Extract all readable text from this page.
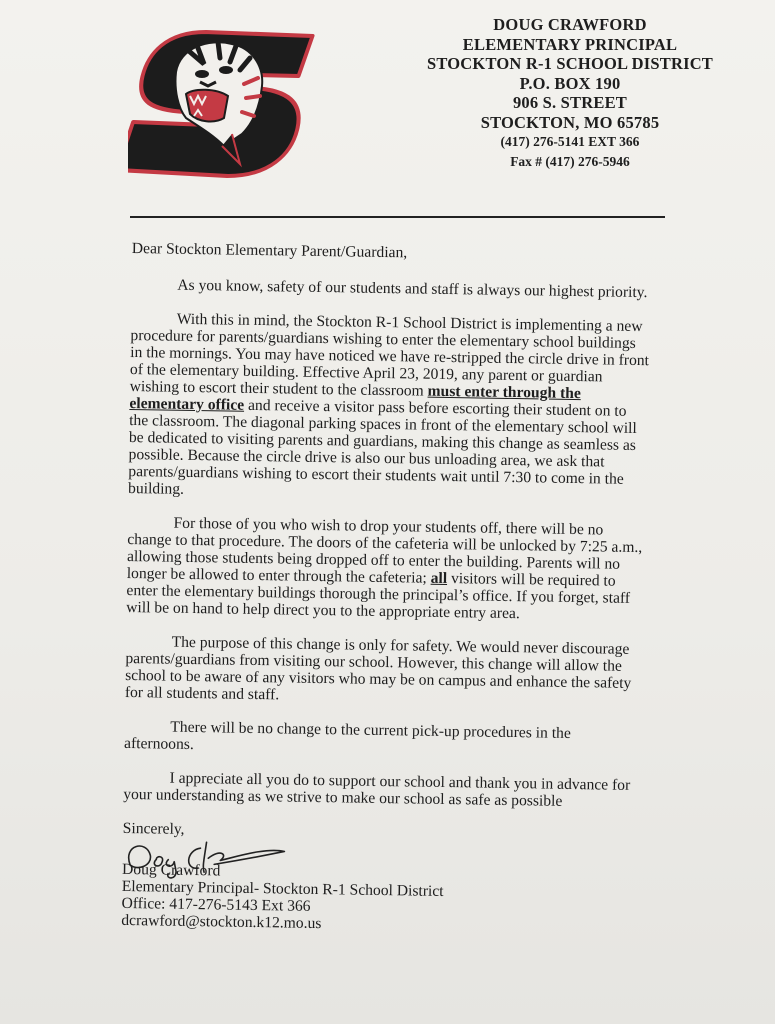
DOUG CRAWFORD
ELEMENTARY PRINCIPAL
STOCKTON R-1 SCHOOL DISTRICT
P.O. BOX 190
906 S. STREET
STOCKTON, MO 65785
(417) 276-5141 EXT 366
Fax # (417) 276-5946

Dear Stockton Elementary Parent/Guardian,

As you know, safety of our students and staff is always our highest priority.

With this in mind, the Stockton R-1 School District is implementing a new procedure for parents/guardians wishing to enter the elementary school buildings in the mornings. You may have noticed we have re-stripped the circle drive in front of the elementary building. Effective April 23, 2019, any parent or guardian wishing to escort their student to the classroom must enter through the elementary office and receive a visitor pass before escorting their student on to the classroom. The diagonal parking spaces in front of the elementary school will be dedicated to visiting parents and guardians, making this change as seamless as possible. Because the circle drive is also our bus unloading area, we ask that parents/guardians wishing to escort their students wait until 7:30 to come in the building.

For those of you who wish to drop your students off, there will be no change to that procedure. The doors of the cafeteria will be unlocked by 7:25 a.m., allowing those students being dropped off to enter the building. Parents will no longer be allowed to enter through the cafeteria; all visitors will be required to enter the elementary buildings thorough the principal’s office. If you forget, staff will be on hand to help direct you to the appropriate entry area.

The purpose of this change is only for safety. We would never discourage parents/guardians from visiting our school. However, this change will allow the school to be aware of any visitors who may be on campus and enhance the safety for all students and staff.

There will be no change to the current pick-up procedures in the afternoons.

I appreciate all you do to support our school and thank you in advance for your understanding as we strive to make our school as safe as possible

Sincerely,
Doug Crawford
Elementary Principal- Stockton R-1 School District
Office: 417-276-5143 Ext 366
dcrawford@stockton.k12.mo.us
